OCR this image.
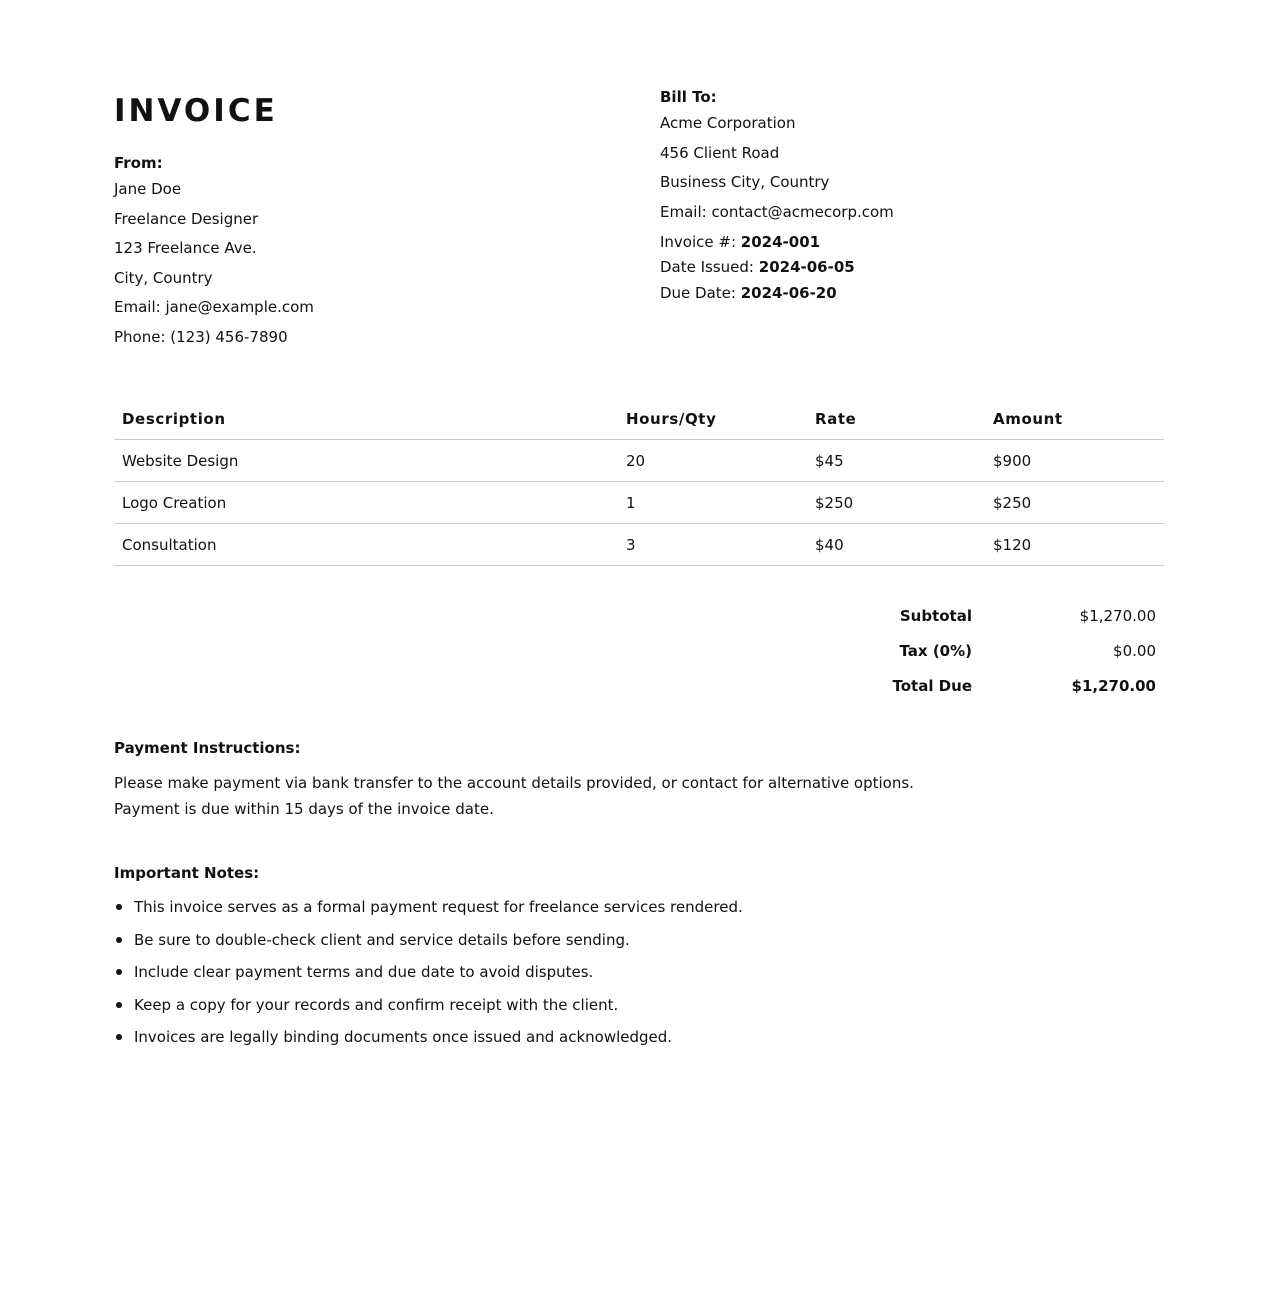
INVOICE
From:
Jane Doe
Freelance Designer
123 Freelance Ave.
City, Country
Email: jane@example.com
Phone: (123) 456-7890
Bill To:
Acme Corporation
456 Client Road
Business City, Country
Email: contact@acmecorp.com
Invoice #: 2024-001
Date Issued: 2024-06-05
Due Date: 2024-06-20
Description	Hours/Qty	Rate	Amount
Website Design	20	$45	$900
Logo Creation	1	$250	$250
Consultation	3	$40	$120
Subtotal	$1,270.00
Tax (0%)	$0.00
Total Due	$1,270.00
Payment Instructions:

Please make payment via bank transfer to the account details provided, or contact for alternative options.

Payment is due within 15 days of the invoice date.

Important Notes:
This invoice serves as a formal payment request for freelance services rendered.
Be sure to double-check client and service details before sending.
Include clear payment terms and due date to avoid disputes.
Keep a copy for your records and confirm receipt with the client.
Invoices are legally binding documents once issued and acknowledged.
